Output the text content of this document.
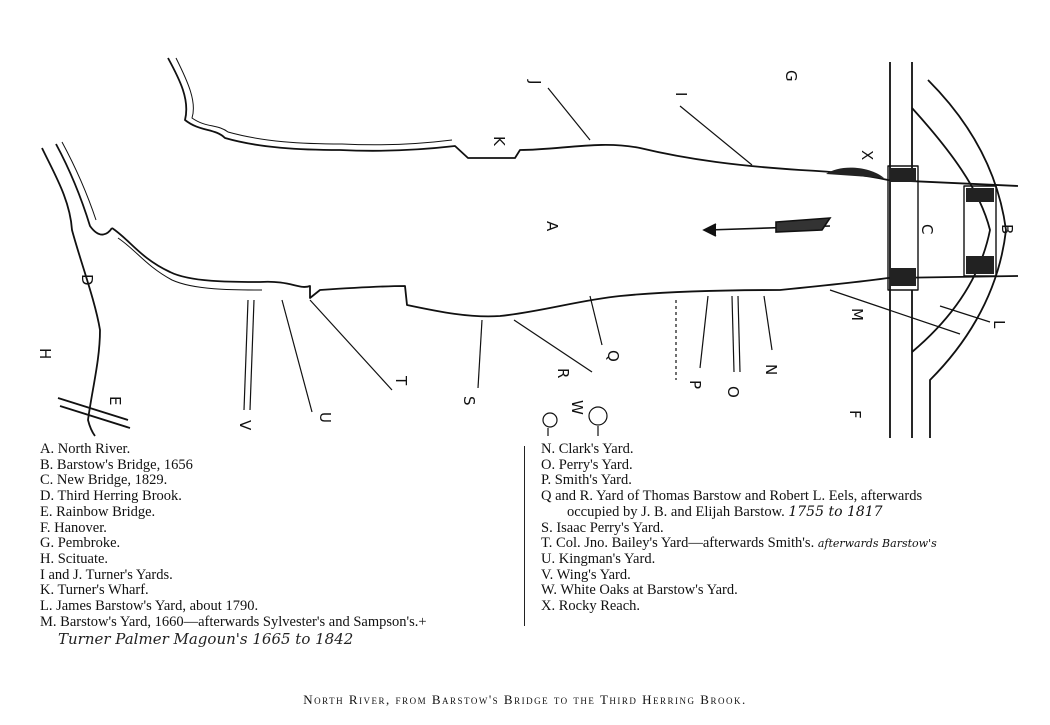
A	B
C
D
E
F
G
H
I
J
K
L
M
N
O
P
Q
R
S
T
U
V
W
X
A. North River.
B. Barstow's Bridge, 1656
C. New Bridge, 1829.
D. Third Herring Brook.
E. Rainbow Bridge.
F. Hanover.
G. Pembroke.
H. Scituate.
I and J. Turner's Yards.
K. Turner's Wharf.
L. James Barstow's Yard, about 1790.
M. Barstow's Yard, 1660—afterwards Sylvester's and Sampson's.+
Turner Palmer Magoun's 1665 to 1842
N. Clark's Yard.
O. Perry's Yard.
P. Smith's Yard.
Q and R. Yard of Thomas Barstow and Robert L. Eels, afterwards
occupied by J. B. and Elijah Barstow. 1755 to 1817
S. Isaac Perry's Yard.
T. Col. Jno. Bailey's Yard—afterwards Smith's. afterwards Barstow's
U. Kingman's Yard.
V. Wing's Yard.
W. White Oaks at Barstow's Yard.
X. Rocky Reach.
North River, from Barstow's Bridge to the Third Herring Brook.
